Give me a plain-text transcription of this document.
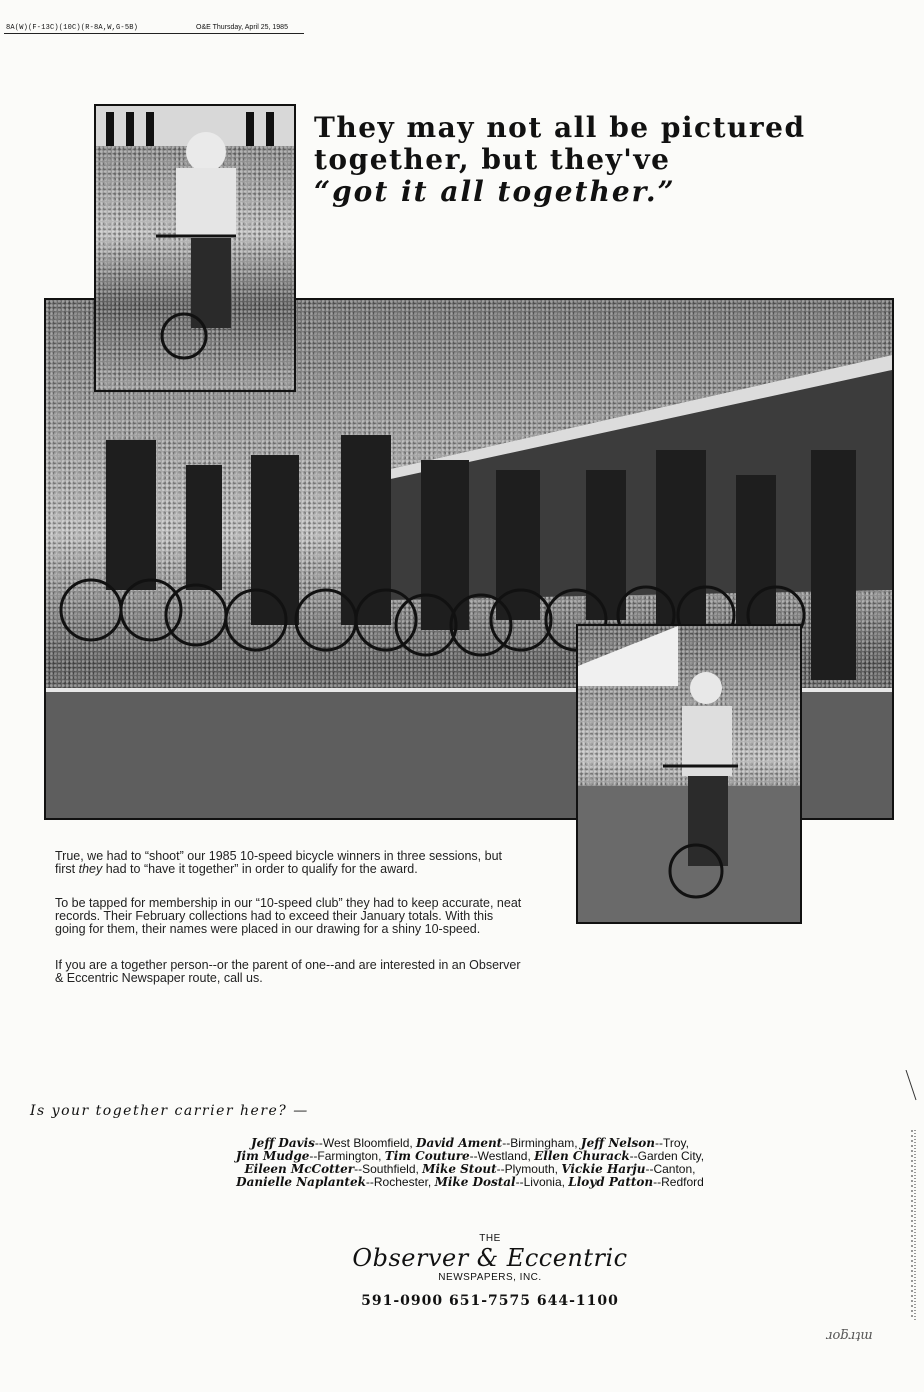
8A(W)(F-13C)(10C)(R-8A,W,G-5B)	O&E Thursday, April 25, 1985
They may not all be pictured
together, but they've
“got it all together.”

True, we had to “shoot” our 1985 10-speed bicycle winners in three sessions, but first they had to “have it together” in order to qualify for the award.

To be tapped for membership in our “10-speed club” they had to keep accurate, neat records. Their February collections had to exceed their January totals. With this going for them, their names were placed in our drawing for a shiny 10-speed.

If you are a together person--or the parent of one--and are interested in an Observer & Eccentric Newspaper route, call us.

Is your together carrier here? —
Jeff Davis--West Bloomfield, David Ament--Birmingham, Jeff Nelson--Troy,
Jim Mudge--Farmington, Tim Couture--Westland, Ellen Churack--Garden City,
Eileen McCotter--Southfield, Mike Stout--Plymouth, Vickie Harju--Canton,
Danielle Naplantek--Rochester, Mike Dostal--Livonia, Lloyd Patton--Redford
THE
Observer & Eccentric
NEWSPAPERS, INC.
591-0900 651-7575 644-1100
ɹoƃɹʇɯ
